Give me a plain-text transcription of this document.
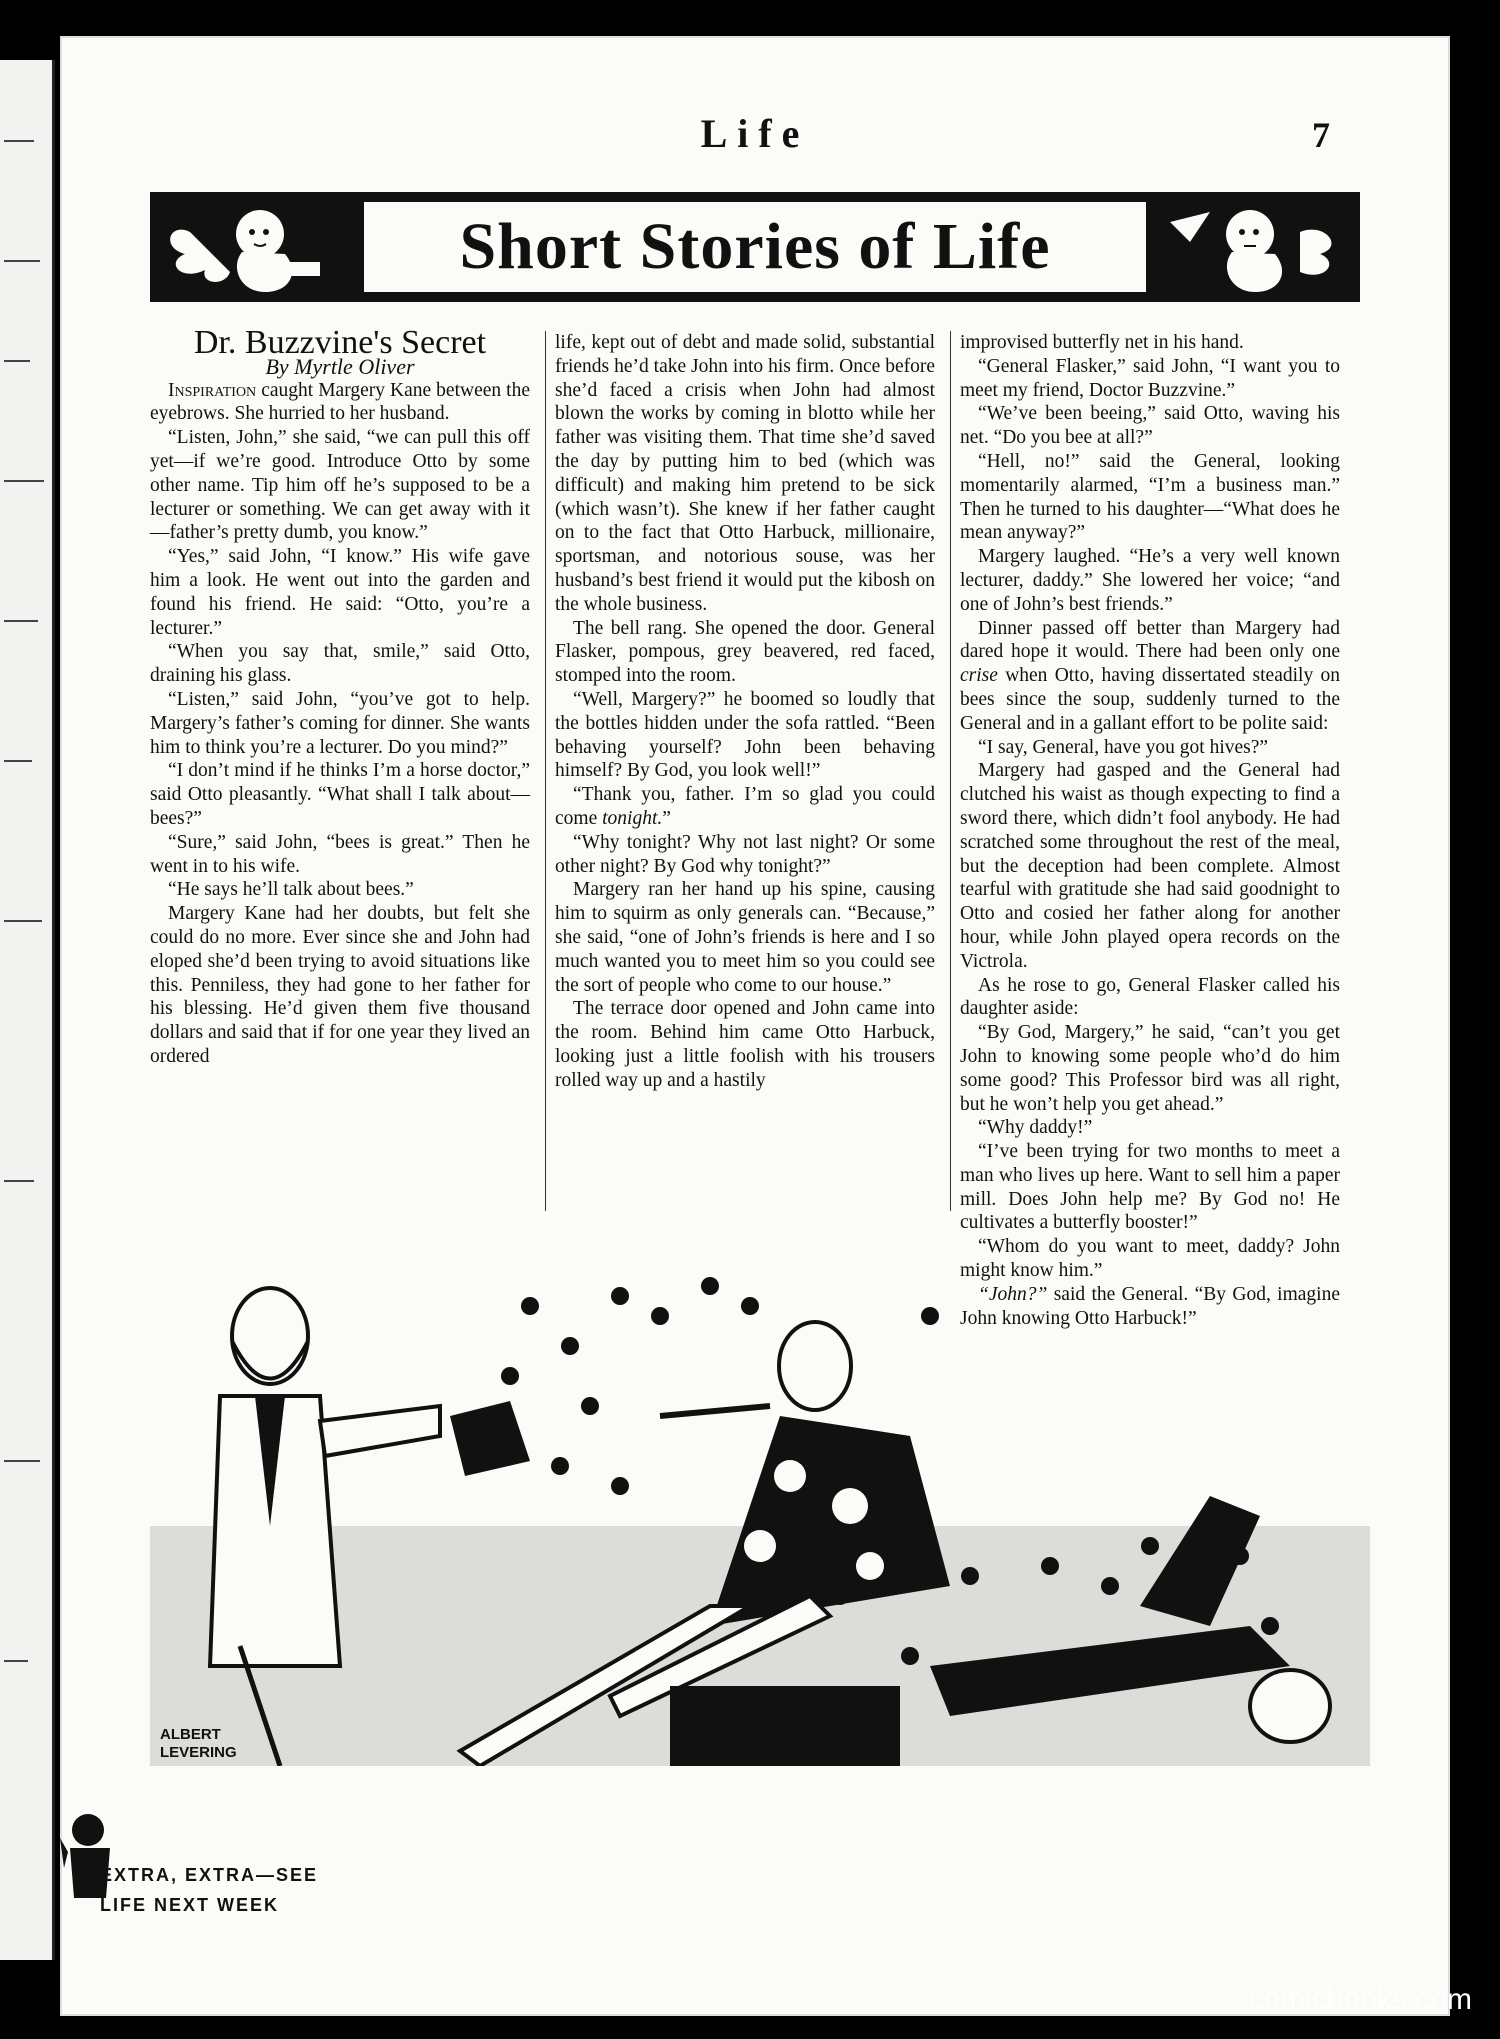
Life	7
Short Stories of Life

Dr. Buzzvine's Secret

By Myrtle Oliver

Inspiration caught Margery Kane between the eyebrows. She hurried to her husband.

“Listen, John,” she said, “we can pull this off yet—if we’re good. Introduce Otto by some other name. Tip him off he’s supposed to be a lecturer or something. We can get away with it—father’s pretty dumb, you know.”

“Yes,” said John, “I know.” His wife gave him a look. He went out into the garden and found his friend. He said: “Otto, you’re a lecturer.”

“When you say that, smile,” said Otto, draining his glass.

“Listen,” said John, “you’ve got to help. Margery’s father’s coming for dinner. She wants him to think you’re a lecturer. Do you mind?”

“I don’t mind if he thinks I’m a horse doctor,” said Otto pleasantly. “What shall I talk about—bees?”

“Sure,” said John, “bees is great.” Then he went in to his wife.

“He says he’ll talk about bees.”

Margery Kane had her doubts, but felt she could do no more. Ever since she and John had eloped she’d been trying to avoid situations like this. Penniless, they had gone to her father for his blessing. He’d given them five thousand dollars and said that if for one year they lived an ordered

life, kept out of debt and made solid, substantial friends he’d take John into his firm. Once before she’d faced a crisis when John had almost blown the works by coming in blotto while her father was visiting them. That time she’d saved the day by putting him to bed (which was difficult) and making him pretend to be sick (which wasn’t). She knew if her father caught on to the fact that Otto Harbuck, millionaire, sportsman, and notorious souse, was her husband’s best friend it would put the kibosh on the whole business.

The bell rang. She opened the door. General Flasker, pompous, grey beavered, red faced, stomped into the room.

“Well, Margery?” he boomed so loudly that the bottles hidden under the sofa rattled. “Been behaving yourself? John been behaving himself? By God, you look well!”

“Thank you, father. I’m so glad you could come tonight.”

“Why tonight? Why not last night? Or some other night? By God why tonight?”

Margery ran her hand up his spine, causing him to squirm as only generals can. “Because,” she said, “one of John’s friends is here and I so much wanted you to meet him so you could see the sort of people who come to our house.”

The terrace door opened and John came into the room. Behind him came Otto Harbuck, looking just a little foolish with his trousers rolled way up and a hastily

improvised butterfly net in his hand.

“General Flasker,” said John, “I want you to meet my friend, Doctor Buzzvine.”

“We’ve been beeing,” said Otto, waving his net. “Do you bee at all?”

“Hell, no!” said the General, looking momentarily alarmed, “I’m a business man.” Then he turned to his daughter—“What does he mean anyway?”

Margery laughed. “He’s a very well known lecturer, daddy.” She lowered her voice; “and one of John’s best friends.”

Dinner passed off better than Margery had dared hope it would. There had been only one crise when Otto, having dissertated steadily on bees since the soup, suddenly turned to the General and in a gallant effort to be polite said:

“I say, General, have you got hives?”

Margery had gasped and the General had clutched his waist as though expecting to find a sword there, which didn’t fool anybody. He had scratched some throughout the rest of the meal, but the deception had been complete. Almost tearful with gratitude she had said goodnight to Otto and cosied her father along for another hour, while John played opera records on the Victrola.

As he rose to go, General Flasker called his daughter aside:

“By God, Margery,” he said, “can’t you get John to knowing some people who’d do him some good? This Professor bird was all right, but he won’t help you get ahead.”

“Why daddy!”

“I’ve been trying for two months to meet a man who lives up here. Want to sell him a paper mill. Does John help me? By God no! He cultivates a butterfly booster!”

“Whom do you want to meet, daddy? John might know him.”

“John?” said the General. “By God, imagine John knowing Otto Harbuck!”

ALBERT
LEVERING
EXTRA, EXTRA—SEE
LIFE NEXT WEEK
comicbooks.com
